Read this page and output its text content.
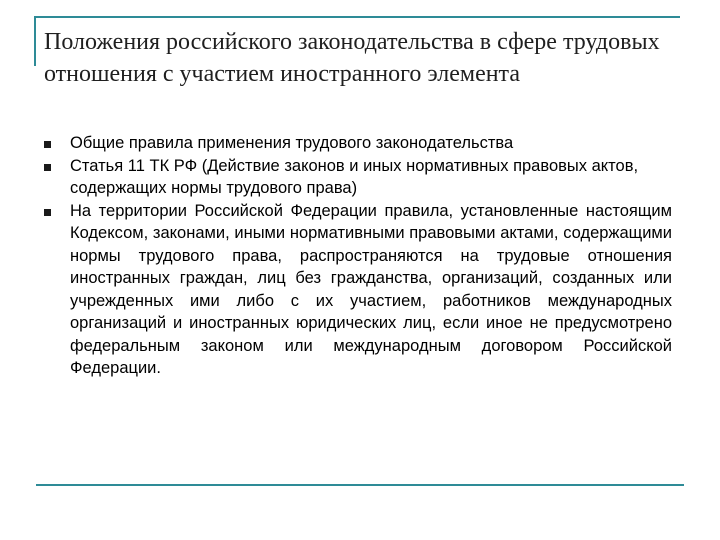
Положения российского законодательства в сфере трудовых отношения с участием иностранного элемента
Общие правила применения трудового законодательства
Статья 11 ТК РФ (Действие законов и иных нормативных правовых актов, содержащих нормы трудового права)
На территории Российской Федерации правила, установленные настоящим Кодексом, законами, иными нормативными правовыми актами, содержащими нормы трудового права, распространяются на трудовые отношения иностранных граждан, лиц без гражданства, организаций, созданных или учрежденных ими либо с их участием, работников международных организаций и иностранных юридических лиц, если иное не предусмотрено федеральным законом или международным договором Российской Федерации.
